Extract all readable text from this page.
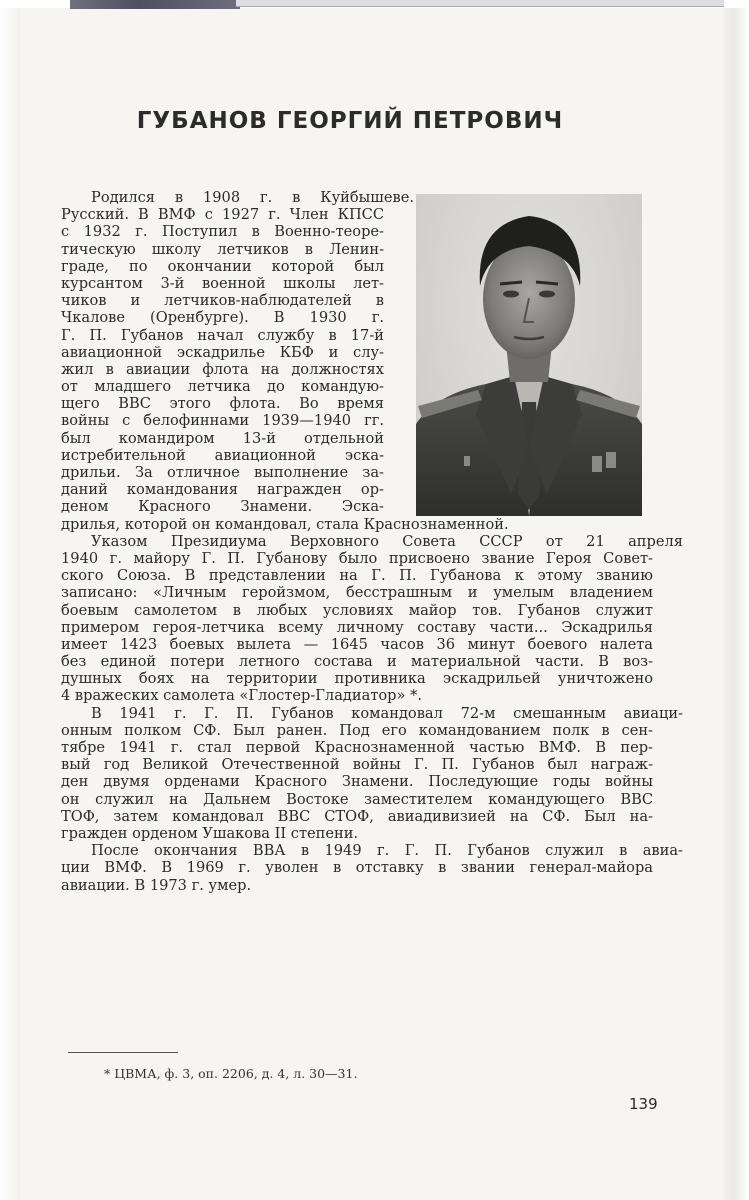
ГУБАНОВ ГЕОРГИЙ ПЕТРОВИЧ
Родился в 1908 г. в Куйбышеве.
Русский. В ВМФ с 1927 г. Член КПСС
с 1932 г. Поступил в Военно-теоре-
тическую школу летчиков в Ленин-
граде, по окончании которой был
курсантом 3-й военной школы лет-
чиков и летчиков-наблюдателей в
Чкалове (Оренбурге). В 1930 г.
Г. П. Губанов начал службу в 17-й
авиационной эскадрилье КБФ и слу-
жил в авиации флота на должностях
от младшего летчика до командую-
щего ВВС этого флота. Во время
войны с белофиннами 1939—1940 гг.
был командиром 13-й отдельной
истребительной авиационной эска-
дрильи. За отличное выполнение за-
даний командования награжден ор-
деном Красного Знамени. Эска-
дрилья, которой он командовал, стала Краснознаменной.
Указом Президиума Верховного Совета СССР от 21 апреля
1940 г. майору Г. П. Губанову было присвоено звание Героя Совет-
ского Союза. В представлении на Г. П. Губанова к этому званию
записано: «Личным геройзмом, бесстрашным и умелым владением
боевым самолетом в любых условиях майор тов. Губанов служит
примером героя-летчика всему личному составу части... Эскадрилья
имеет 1423 боевых вылета — 1645 часов 36 минут боевого налета
без единой потери летного состава и материальной части. В воз-
душных боях на территории противника эскадрильей уничтожено
4 вражеских самолета «Глостер-Гладиатор» *.
В 1941 г. Г. П. Губанов командовал 72-м смешанным авиаци-
онным полком СФ. Был ранен. Под его командованием полк в сен-
тябре 1941 г. стал первой Краснознаменной частью ВМФ. В пер-
вый год Великой Отечественной войны Г. П. Губанов был награж-
ден двумя орденами Красного Знамени. Последующие годы войны
он служил на Дальнем Востоке заместителем командующего ВВС
ТОФ, затем командовал ВВС СТОФ, авиадивизией на СФ. Был на-
гражден орденом Ушакова II степени.
После окончания ВВА в 1949 г. Г. П. Губанов служил в авиа-
ции ВМФ. В 1969 г. уволен в отставку в звании генерал-майора
авиации. В 1973 г. умер.
* ЦВМА, ф. 3, оп. 2206, д. 4, л. 30—31.
139
